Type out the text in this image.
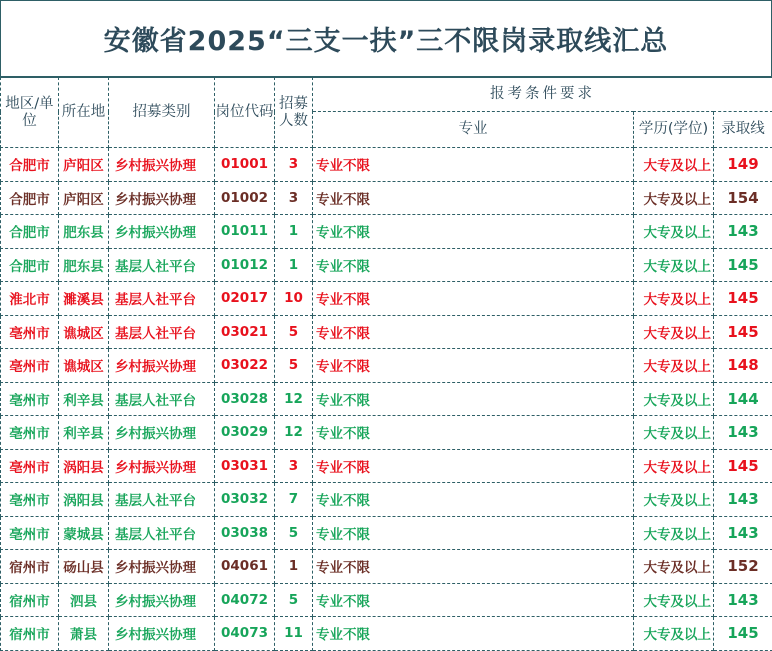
安徽省2025“三支一扶”三不限岗录取线汇总
地区/单位	所在地	招募类别	岗位代码	招募人数	报考条件要求		
					专业	学历(学位)	录取线
合肥市	庐阳区	乡村振兴协理	01001	3	专业不限	大专及以上	149
合肥市	庐阳区	乡村振兴协理	01002	3	专业不限	大专及以上	154
合肥市	肥东县	乡村振兴协理	01011	1	专业不限	大专及以上	143
合肥市	肥东县	基层人社平台	01012	1	专业不限	大专及以上	145
淮北市	濉溪县	基层人社平台	02017	10	专业不限	大专及以上	145
亳州市	谯城区	基层人社平台	03021	5	专业不限	大专及以上	145
亳州市	谯城区	乡村振兴协理	03022	5	专业不限	大专及以上	148
亳州市	利辛县	基层人社平台	03028	12	专业不限	大专及以上	144
亳州市	利辛县	乡村振兴协理	03029	12	专业不限	大专及以上	143
亳州市	涡阳县	乡村振兴协理	03031	3	专业不限	大专及以上	145
亳州市	涡阳县	基层人社平台	03032	7	专业不限	大专及以上	143
亳州市	蒙城县	基层人社平台	03038	5	专业不限	大专及以上	143
宿州市	砀山县	乡村振兴协理	04061	1	专业不限	大专及以上	152
宿州市	泗县	乡村振兴协理	04072	5	专业不限	大专及以上	143
宿州市	萧县	乡村振兴协理	04073	11	专业不限	大专及以上	145
